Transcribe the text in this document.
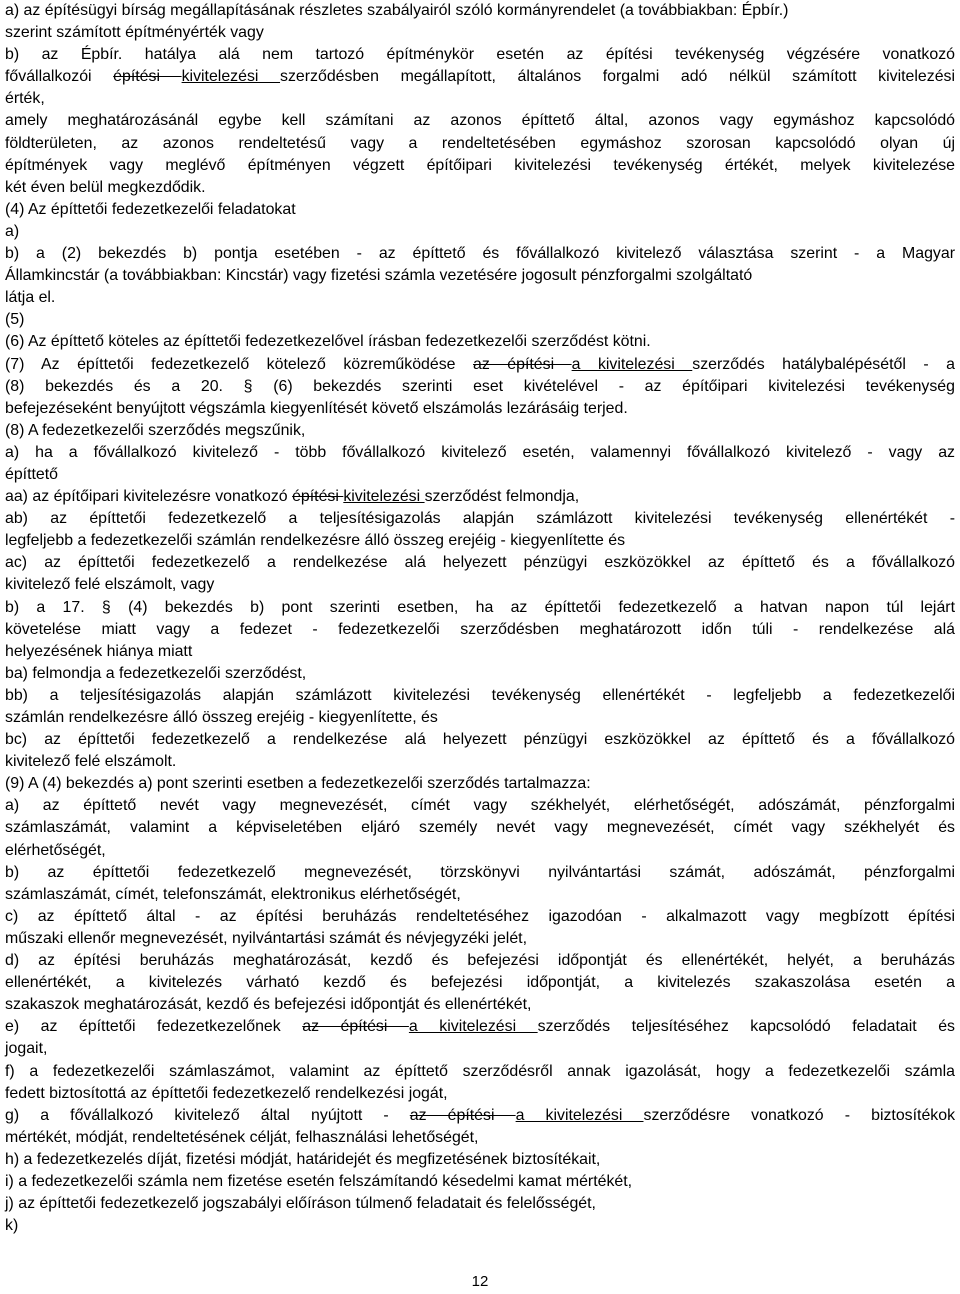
a) az építésügyi bírság megállapításának részletes szabályairól szóló kormányrendelet (a továbbiakban: Épbír.)
szerint számított építményérték vagy
b) az Épbír. hatálya alá nem tartozó építménykör esetén az építési tevékenység végzésére vonatkozó
fővállalkozói építési kivitelezési szerződésben megállapított, általános forgalmi adó nélkül számított kivitelezési
érték,
amely meghatározásánál egybe kell számítani az azonos építtető által, azonos vagy egymáshoz kapcsolódó
földterületen, az azonos rendeltetésű vagy a rendeltetésében egymáshoz szorosan kapcsolódó olyan új
építmények vagy meglévő építményen végzett építőipari kivitelezési tevékenység értékét, melyek kivitelezése
két éven belül megkezdődik.
(4) Az építtetői fedezetkezelői feladatokat
a)
b) a (2) bekezdés b) pontja esetében - az építtető és fővállalkozó kivitelező választása szerint - a Magyar
Államkincstár (a továbbiakban: Kincstár) vagy fizetési számla vezetésére jogosult pénzforgalmi szolgáltató
látja el.
(5)
(6) Az építtető köteles az építtetői fedezetkezelővel írásban fedezetkezelői szerződést kötni.
(7) Az építtetői fedezetkezelő kötelező közreműködése az építési a kivitelezési szerződés hatálybalépésétől - a
(8) bekezdés és a 20. § (6) bekezdés szerinti eset kivételével - az építőipari kivitelezési tevékenység
befejezéseként benyújtott végszámla kiegyenlítését követő elszámolás lezárásáig terjed.
(8) A fedezetkezelői szerződés megszűnik,
a) ha a fővállalkozó kivitelező - több fővállalkozó kivitelező esetén, valamennyi fővállalkozó kivitelező - vagy az
építtető
aa) az építőipari kivitelezésre vonatkozó építési kivitelezési szerződést felmondja,
ab) az építtetői fedezetkezelő a teljesítésigazolás alapján számlázott kivitelezési tevékenység ellenértékét -
legfeljebb a fedezetkezelői számlán rendelkezésre álló összeg erejéig - kiegyenlítette és
ac) az építtetői fedezetkezelő a rendelkezése alá helyezett pénzügyi eszközökkel az építtető és a fővállalkozó
kivitelező felé elszámolt, vagy
b) a 17. § (4) bekezdés b) pont szerinti esetben, ha az építtetői fedezetkezelő a hatvan napon túl lejárt
követelése miatt vagy a fedezet - fedezetkezelői szerződésben meghatározott időn túli - rendelkezése alá
helyezésének hiánya miatt
ba) felmondja a fedezetkezelői szerződést,
bb) a teljesítésigazolás alapján számlázott kivitelezési tevékenység ellenértékét - legfeljebb a fedezetkezelői
számlán rendelkezésre álló összeg erejéig - kiegyenlítette, és
bc) az építtetői fedezetkezelő a rendelkezése alá helyezett pénzügyi eszközökkel az építtető és a fővállalkozó
kivitelező felé elszámolt.
(9) A (4) bekezdés a) pont szerinti esetben a fedezetkezelői szerződés tartalmazza:
a) az építtető nevét vagy megnevezését, címét vagy székhelyét, elérhetőségét, adószámát, pénzforgalmi
számlaszámát, valamint a képviseletében eljáró személy nevét vagy megnevezését, címét vagy székhelyét és
elérhetőségét,
b) az építtetői fedezetkezelő megnevezését, törzskönyvi nyilvántartási számát, adószámát, pénzforgalmi
számlaszámát, címét, telefonszámát, elektronikus elérhetőségét,
c) az építtető által - az építési beruházás rendeltetéséhez igazodóan - alkalmazott vagy megbízott építési
műszaki ellenőr megnevezését, nyilvántartási számát és névjegyzéki jelét,
d) az építési beruházás meghatározását, kezdő és befejezési időpontját és ellenértékét, helyét, a beruházás
ellenértékét, a kivitelezés várható kezdő és befejezési időpontját, a kivitelezés szakaszolása esetén a
szakaszok meghatározását, kezdő és befejezési időpontját és ellenértékét,
e) az építtetői fedezetkezelőnek az építési a kivitelezési szerződés teljesítéséhez kapcsolódó feladatait és
jogait,
f) a fedezetkezelői számlaszámot, valamint az építtető szerződésről annak igazolását, hogy a fedezetkezelői számla
fedett biztosítottá az építtetői fedezetkezelő rendelkezési jogát,
g) a fővállalkozó kivitelező által nyújtott - az építési a kivitelezési szerződésre vonatkozó - biztosítékok
mértékét, módját, rendeltetésének célját, felhasználási lehetőségét,
h) a fedezetkezelés díját, fizetési módját, határidejét és megfizetésének biztosítékait,
i) a fedezetkezelői számla nem fizetése esetén felszámítandó késedelmi kamat mértékét,
j) az építtetői fedezetkezelő jogszabályi előíráson túlmenő feladatait és felelősségét,
k)
12
